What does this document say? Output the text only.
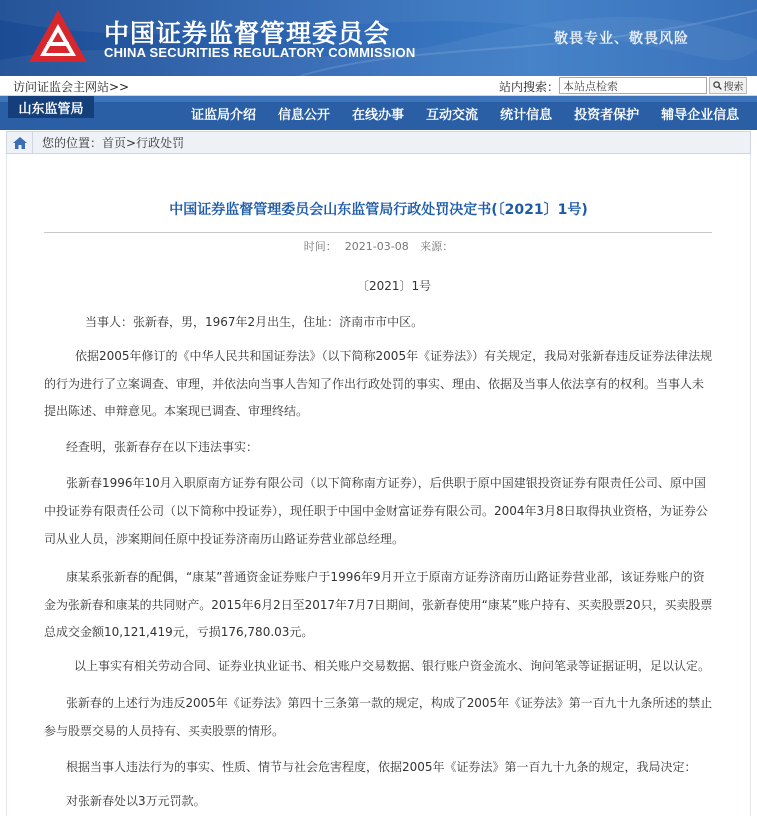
中国证券监督管理委员会
CHINA SECURITIES REGULATORY COMMISSION
敬畏专业、敬畏风险
访问证监会主网站>>	站内搜索：
本站点检索	搜索
山东监管局	证监局介绍	信息公开	在线办事	互动交流	统计信息	投资者保护	辅导企业信息
您的位置：首页>行政处罚
中国证券监督管理委员会山东监管局行政处罚决定书(〔2021〕1号)
时间： 2021-03-08 来源：
〔2021〕1号
当事人：张新春，男，1967年2月出生，住址：济南市市中区。
依据2005年修订的《中华人民共和国证券法》（以下简称2005年《证券法》）有关规定，我局对张新春违反证券法律法规
的行为进行了立案调查、审理，并依法向当事人告知了作出行政处罚的事实、理由、依据及当事人依法享有的权利。当事人未
提出陈述、申辩意见。本案现已调查、审理终结。
经查明，张新春存在以下违法事实：
张新春1996年10月入职原南方证券有限公司（以下简称南方证券），后供职于原中国建银投资证券有限责任公司、原中国
中投证券有限责任公司（以下简称中投证券），现任职于中国中金财富证券有限公司。2004年3月8日取得执业资格，为证券公
司从业人员，涉案期间任原中投证券济南历山路证券营业部总经理。
康某系张新春的配偶，“康某”普通资金证券账户于1996年9月开立于原南方证券济南历山路证券营业部，该证券账户的资
金为张新春和康某的共同财产。2015年6月2日至2017年7月7日期间，张新春使用“康某”账户持有、买卖股票20只，买卖股票
总成交金额10,121,419元，亏损176,780.03元。
以上事实有相关劳动合同、证券业执业证书、相关账户交易数据、银行账户资金流水、询问笔录等证据证明，足以认定。
张新春的上述行为违反2005年《证券法》第四十三条第一款的规定，构成了2005年《证券法》第一百九十九条所述的禁止
参与股票交易的人员持有、买卖股票的情形。
根据当事人违法行为的事实、性质、情节与社会危害程度，依据2005年《证券法》第一百九十九条的规定，我局决定：
对张新春处以3万元罚款。
